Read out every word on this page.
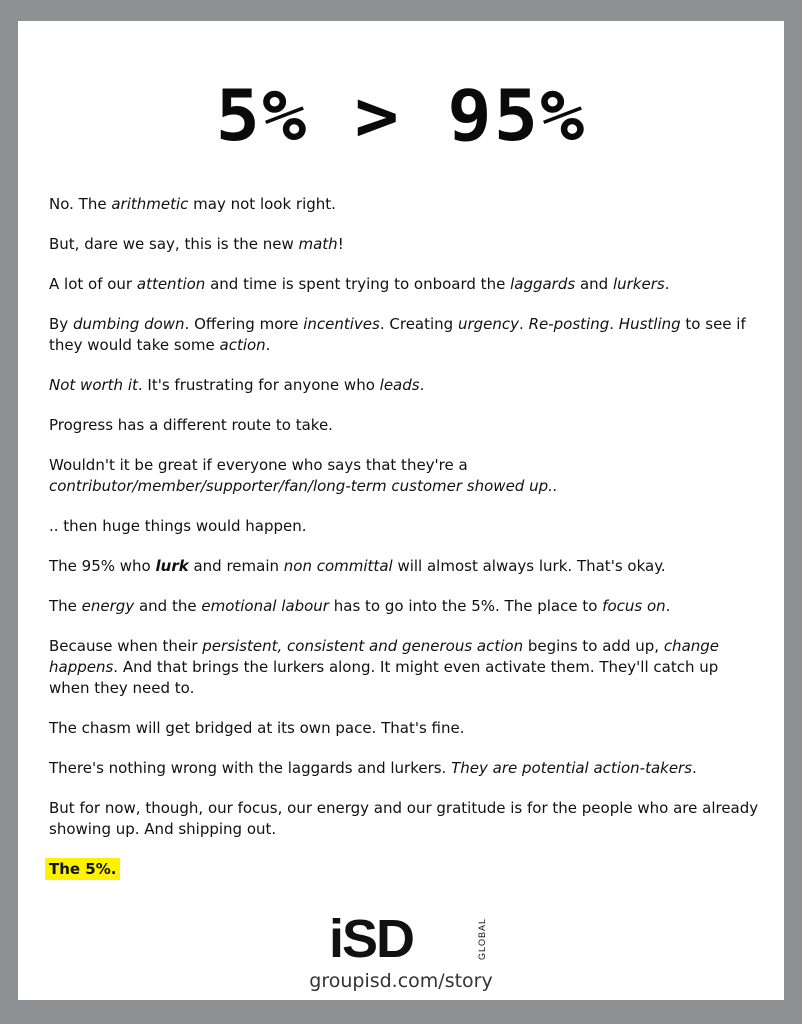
5% > 95%

No. The arithmetic may not look right.

But, dare we say, this is the new math!

A lot of our attention and time is spent trying to onboard the laggards and lurkers.

By dumbing down. Offering more incentives. Creating urgency. Re-posting. Hustling to see if they would take some action.

Not worth it. It's frustrating for anyone who leads.

Progress has a different route to take.

Wouldn't it be great if everyone who says that they're a
contributor/member/supporter/fan/long-term customer showed up..

.. then huge things would happen.

The 95% who lurk and remain non committal will almost always lurk. That's okay.

The energy and the emotional labour has to go into the 5%. The place to focus on.

Because when their persistent, consistent and generous action begins to add up, change happens. And that brings the lurkers along. It might even activate them. They'll catch up when they need to.

The chasm will get bridged at its own pace. That's fine.

There's nothing wrong with the laggards and lurkers. They are potential action-takers.

But for now, though, our focus, our energy and our gratitude is for the people who are already showing up. And shipping out.

The 5%.

iSD	GLOBAL
groupisd.com/story
